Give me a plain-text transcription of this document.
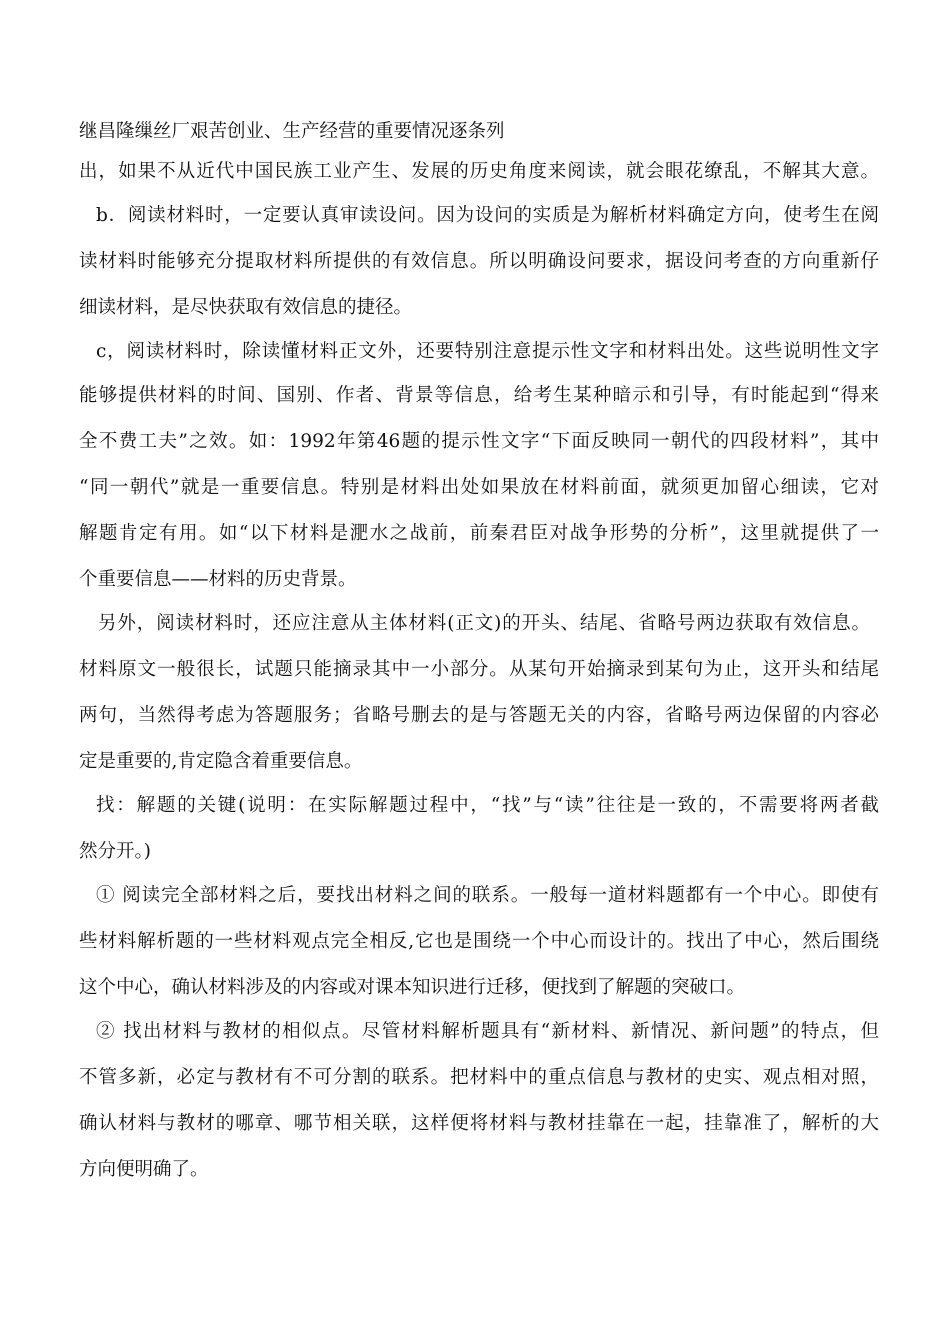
继昌隆缫丝厂艰苦创业、生产经营的重要情况逐条列
出，如果不从近代中国民族工业产生、发展的历史角度来阅读，就会眼花缭乱，不解其大意。
b．阅读材料时，一定要认真审读设问。因为设问的实质是为解析材料确定方向，使考生在阅
读材料时能够充分提取材料所提供的有效信息。所以明确设问要求，据设问考查的方向重新仔
细读材料，是尽快获取有效信息的捷径。
c，阅读材料时，除读懂材料正文外，还要特别注意提示性文字和材料出处。这些说明性文字
能够提供材料的时间、国别、作者、背景等信息，给考生某种暗示和引导，有时能起到“得来
全不费工夫”之效。如：1992年第46题的提示性文字“下面反映同一朝代的四段材料”，其中
“同一朝代”就是一重要信息。特别是材料出处如果放在材料前面，就须更加留心细读，它对
解题肯定有用。如“以下材料是淝水之战前，前秦君臣对战争形势的分析”，这里就提供了一
个重要信息——材料的历史背景。
另外，阅读材料时，还应注意从主体材料(正文)的开头、结尾、省略号两边获取有效信息。
材料原文一般很长，试题只能摘录其中一小部分。从某句开始摘录到某句为止，这开头和结尾
两句，当然得考虑为答题服务；省略号删去的是与答题无关的内容，省略号两边保留的内容必
定是重要的,肯定隐含着重要信息。
找：解题的关键(说明：在实际解题过程中，“找”与“读”往往是一致的，不需要将两者截
然分开。)
① 阅读完全部材料之后，要找出材料之间的联系。一般每一道材料题都有一个中心。即使有
些材料解析题的一些材料观点完全相反,它也是围绕一个中心而设计的。找出了中心，然后围绕
这个中心，确认材料涉及的内容或对课本知识进行迁移，便找到了解题的突破口。
② 找出材料与教材的相似点。尽管材料解析题具有“新材料、新情况、新问题”的特点，但
不管多新，必定与教材有不可分割的联系。把材料中的重点信息与教材的史实、观点相对照，
确认材料与教材的哪章、哪节相关联，这样便将材料与教材挂靠在一起，挂靠准了，解析的大
方向便明确了。
